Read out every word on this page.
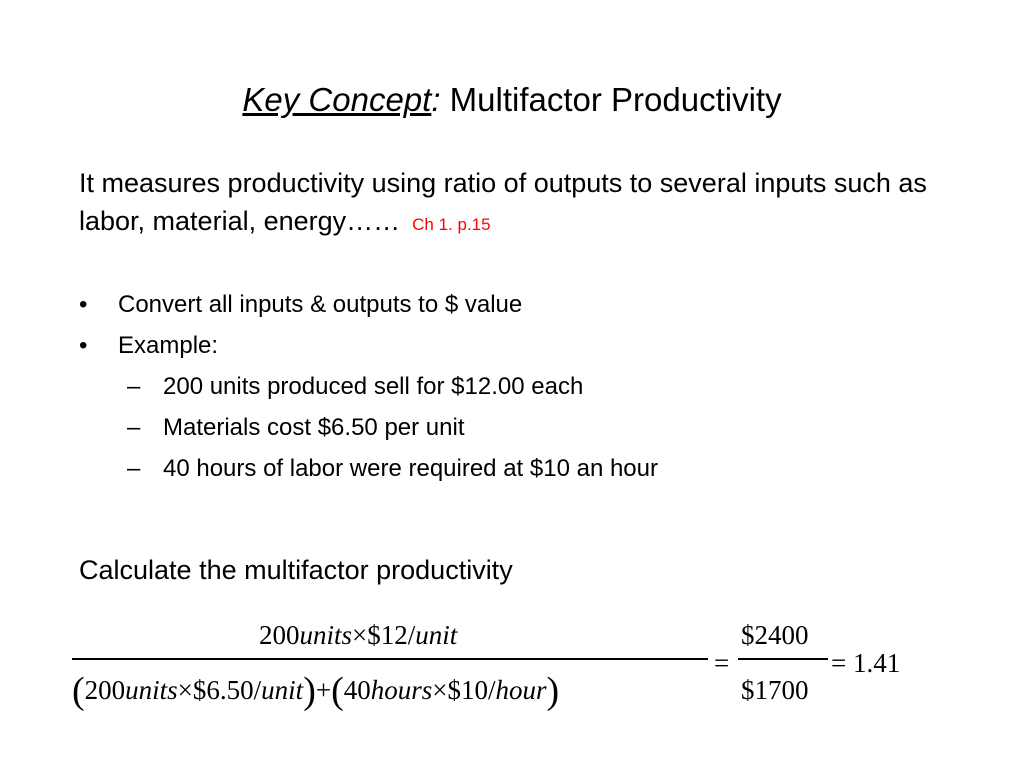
Key Concept: Multifactor Productivity
It measures productivity using ratio of outputs to several inputs such as labor, material, energy…… Ch 1. p.15
• Convert all inputs & outputs to $ value
• Example:
– 200 units produced sell for $12.00 each
– Materials cost $6.50 per unit
– 40 hours of labor were required at $10 an hour
Calculate the multifactor productivity
200units×$12/unit
(200units×$6.50/unit)+(40hours×$10/hour)
=
$2400
$1700
= 1.41
